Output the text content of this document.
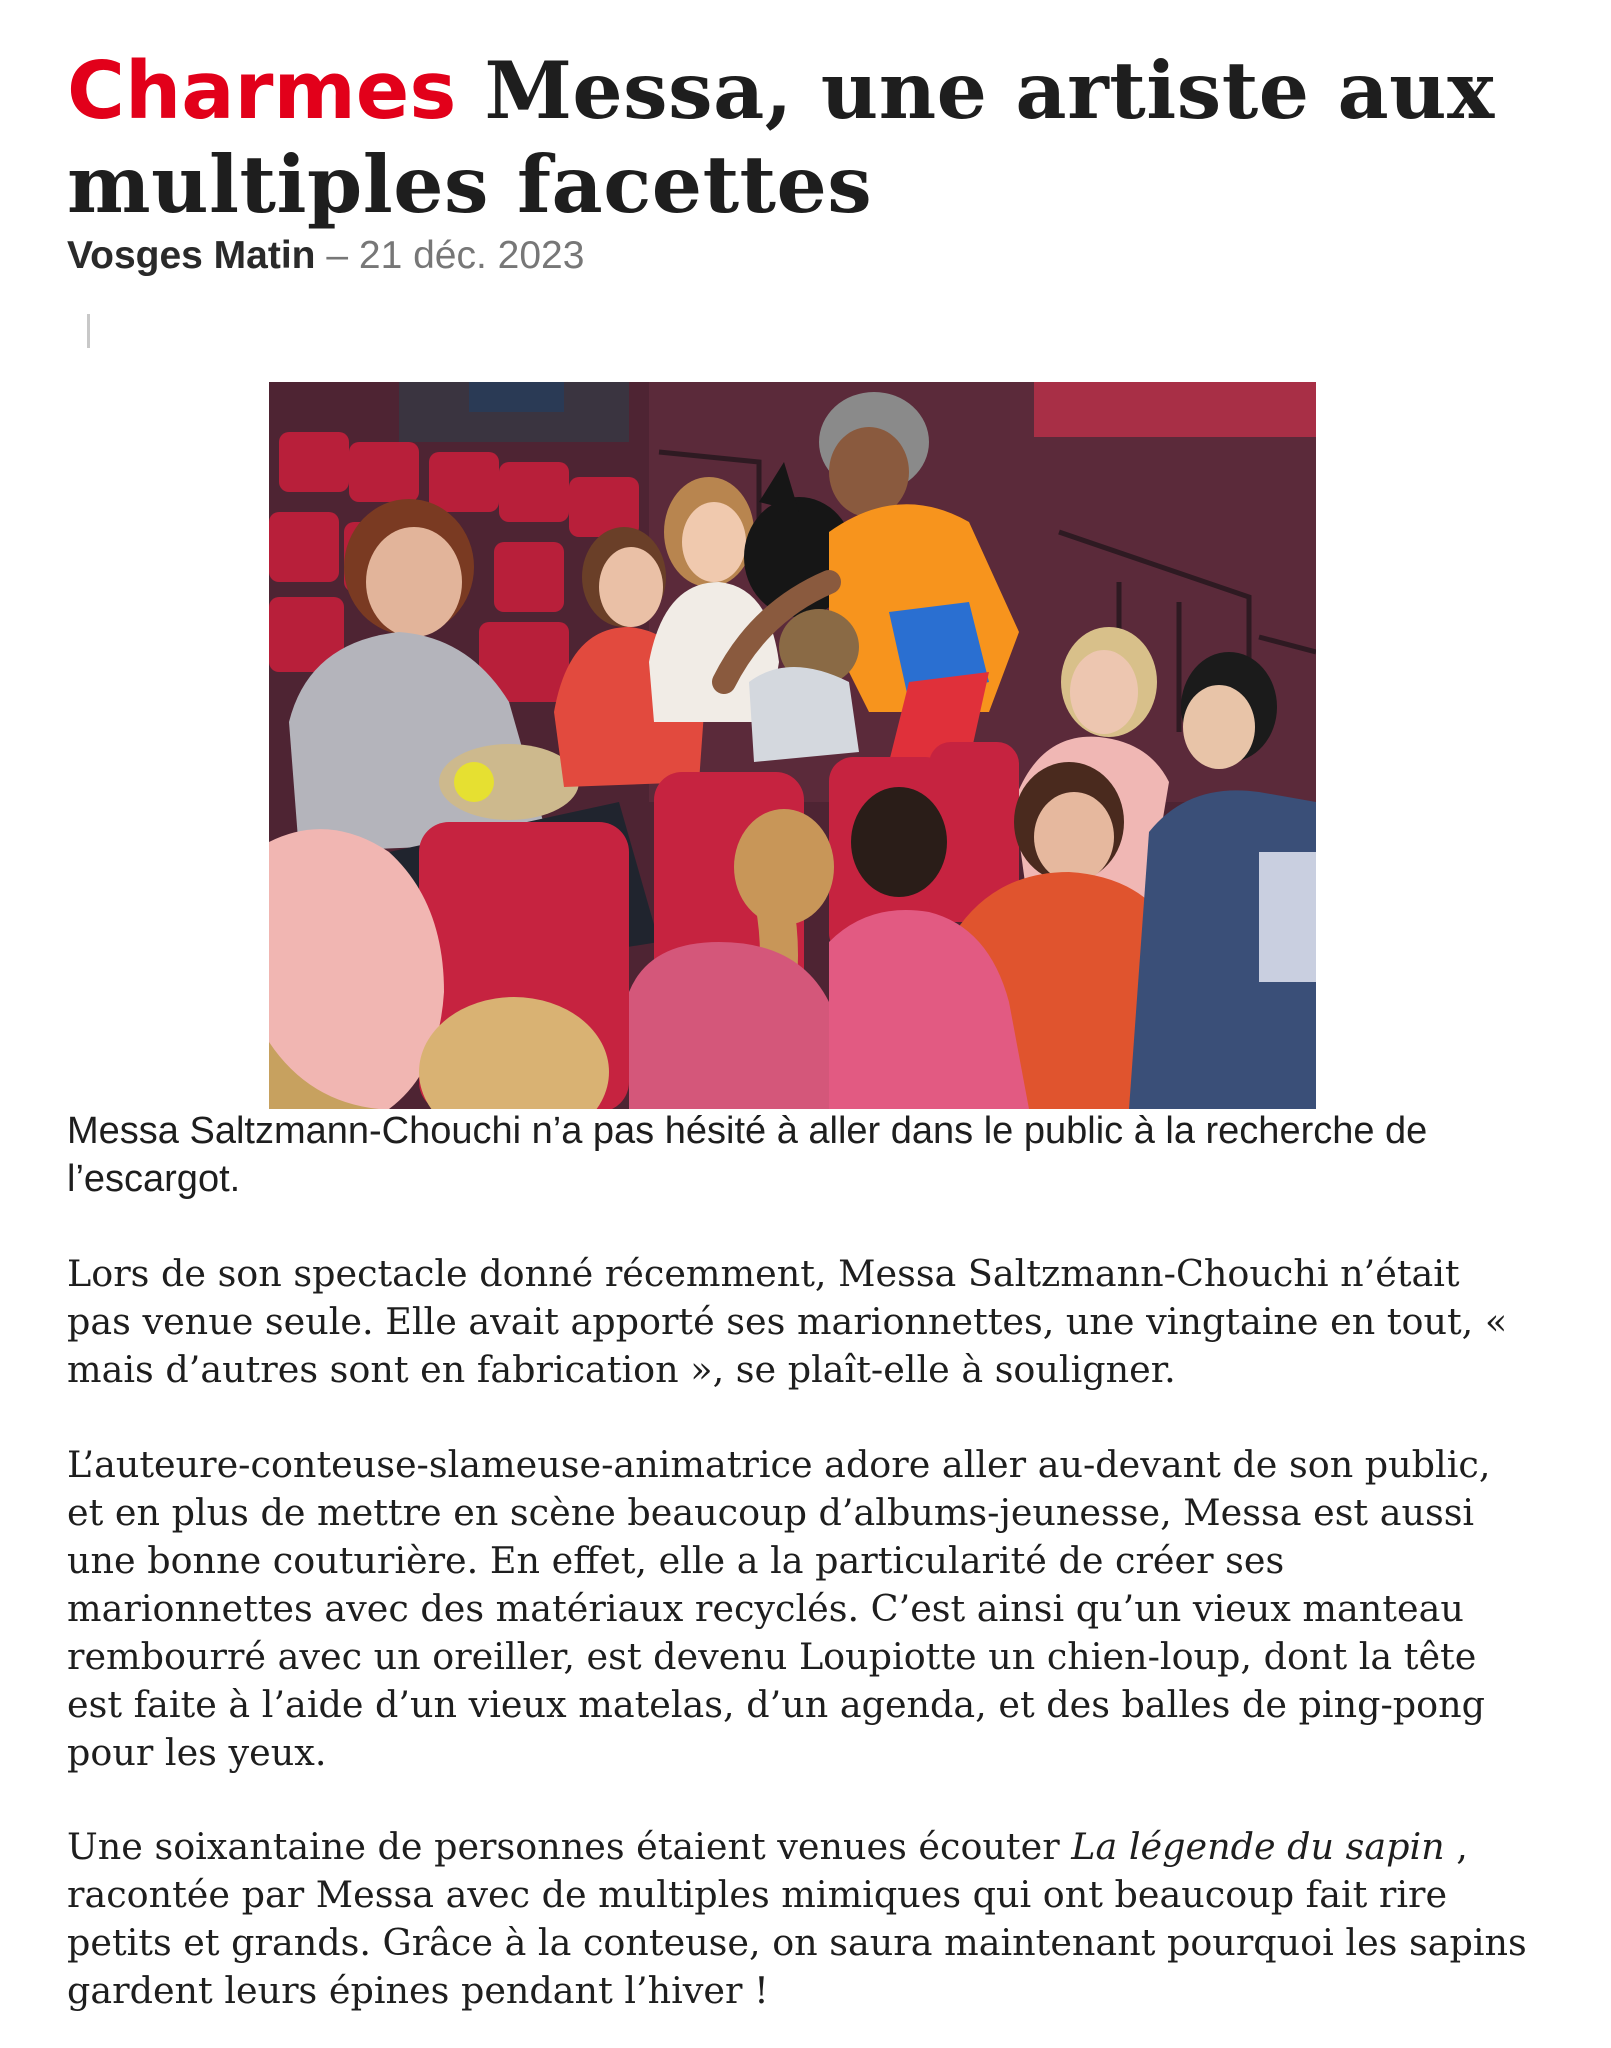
Charmes Messa, une artiste aux multiples facettes
Vosges Matin – 21 déc. 2023

Messa Saltzmann-Chouchi n’a pas hésité à aller dans le public à la recherche de l’escargot.

Lors de son spectacle donné récemment, Messa Saltzmann-Chouchi n’était pas venue seule. Elle avait apporté ses marionnettes, une vingtaine en tout, « mais d’autres sont en fabrication », se plaît-elle à souligner.

L’auteure-conteuse-slameuse-animatrice adore aller au-devant de son public, et en plus de mettre en scène beaucoup d’albums-jeunesse, Messa est aussi une bonne couturière. En effet, elle a la particularité de créer ses marionnettes avec des matériaux recyclés. C’est ainsi qu’un vieux manteau rembourré avec un oreiller, est devenu Loupiotte un chien-loup, dont la tête est faite à l’aide d’un vieux matelas, d’un agenda, et des balles de ping-pong pour les yeux.

Une soixantaine de personnes étaient venues écouter La légende du sapin , racontée par Messa avec de multiples mimiques qui ont beaucoup fait rire petits et grands. Grâce à la conteuse, on saura maintenant pourquoi les sapins gardent leurs épines pendant l’hiver !
